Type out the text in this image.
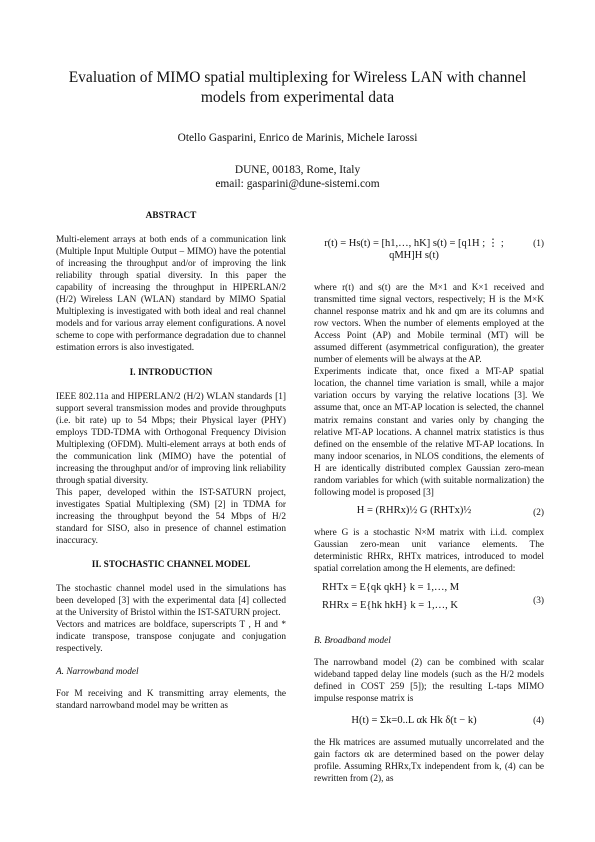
Evaluation of MIMO spatial multiplexing for Wireless LAN with channel models from experimental data
Otello Gasparini, Enrico de Marinis, Michele Iarossi
DUNE, 00183, Rome, Italy
email: gasparini@dune-sistemi.com
ABSTRACT

Multi-element arrays at both ends of a communication link (Multiple Input Multiple Output – MIMO) have the potential of increasing the throughput and/or of improving the link reliability through spatial diversity. In this paper the capability of increasing the throughput in HIPERLAN/2 (H/2) Wireless LAN (WLAN) standard by MIMO Spatial Multiplexing is investigated with both ideal and real channel models and for various array element configurations. A novel scheme to cope with performance degradation due to channel estimation errors is also investigated.

I. INTRODUCTION

IEEE 802.11a and HIPERLAN/2 (H/2) WLAN standards [1] support several transmission modes and provide throughputs (i.e. bit rate) up to 54 Mbps; their Physical layer (PHY) employs TDD-TDMA with Orthogonal Frequency Division Multiplexing (OFDM). Multi-element arrays at both ends of the communication link (MIMO) have the potential of increasing the throughput and/or of improving link reliability through spatial diversity.

This paper, developed within the IST-SATURN project, investigates Spatial Multiplexing (SM) [2] in TDMA for increasing the throughput beyond the 54 Mbps of H/2 standard for SISO, also in presence of channel estimation inaccuracy.

II. STOCHASTIC CHANNEL MODEL

The stochastic channel model used in the simulations has been developed [3] with the experimental data [4] collected at the University of Bristol within the IST-SATURN project.

Vectors and matrices are boldface, superscripts T , H and * indicate transpose, transpose conjugate and conjugation respectively.

A. Narrowband model

For M receiving and K transmitting array elements, the standard narrowband model may be written as

r(t) = Hs(t) = [h1,…, hK] s(t) = [q1H ; ⋮ ; qMH]H s(t)
(1)

where r(t) and s(t) are the M×1 and K×1 received and transmitted time signal vectors, respectively; H is the M×K channel response matrix and hk and qm are its columns and row vectors. When the number of elements employed at the Access Point (AP) and Mobile terminal (MT) will be assumed different (asymmetrical configuration), the greater number of elements will be always at the AP.

Experiments indicate that, once fixed a MT-AP spatial location, the channel time variation is small, while a major variation occurs by varying the relative locations [3]. We assume that, once an MT-AP location is selected, the channel matrix remains constant and varies only by changing the relative MT-AP locations. A channel matrix statistics is thus defined on the ensemble of the relative MT-AP locations. In many indoor scenarios, in NLOS conditions, the elements of H are identically distributed complex Gaussian zero-mean random variables for which (with suitable normalization) the following model is proposed [3]

H = (RHRx)½ G (RHTx)½	(2)

where G is a stochastic N×M matrix with i.i.d. complex Gaussian zero-mean unit variance elements. The deterministic RHRx, RHTx matrices, introduced to model spatial correlation among the H elements, are defined:

RHTx = E{qk qkH} k = 1,…, M
RHRx = E{hk hkH} k = 1,…, K	(3)
B. Broadband model

The narrowband model (2) can be combined with scalar wideband tapped delay line models (such as the H/2 models defined in COST 259 [5]); the resulting L-taps MIMO impulse response matrix is

H(t) = Σk=0..L αk Hk δ(t − k)	(4)

the Hk matrices are assumed mutually uncorrelated and the gain factors αk are determined based on the power delay profile. Assuming RHRx,Tx independent from k, (4) can be rewritten from (2), as
